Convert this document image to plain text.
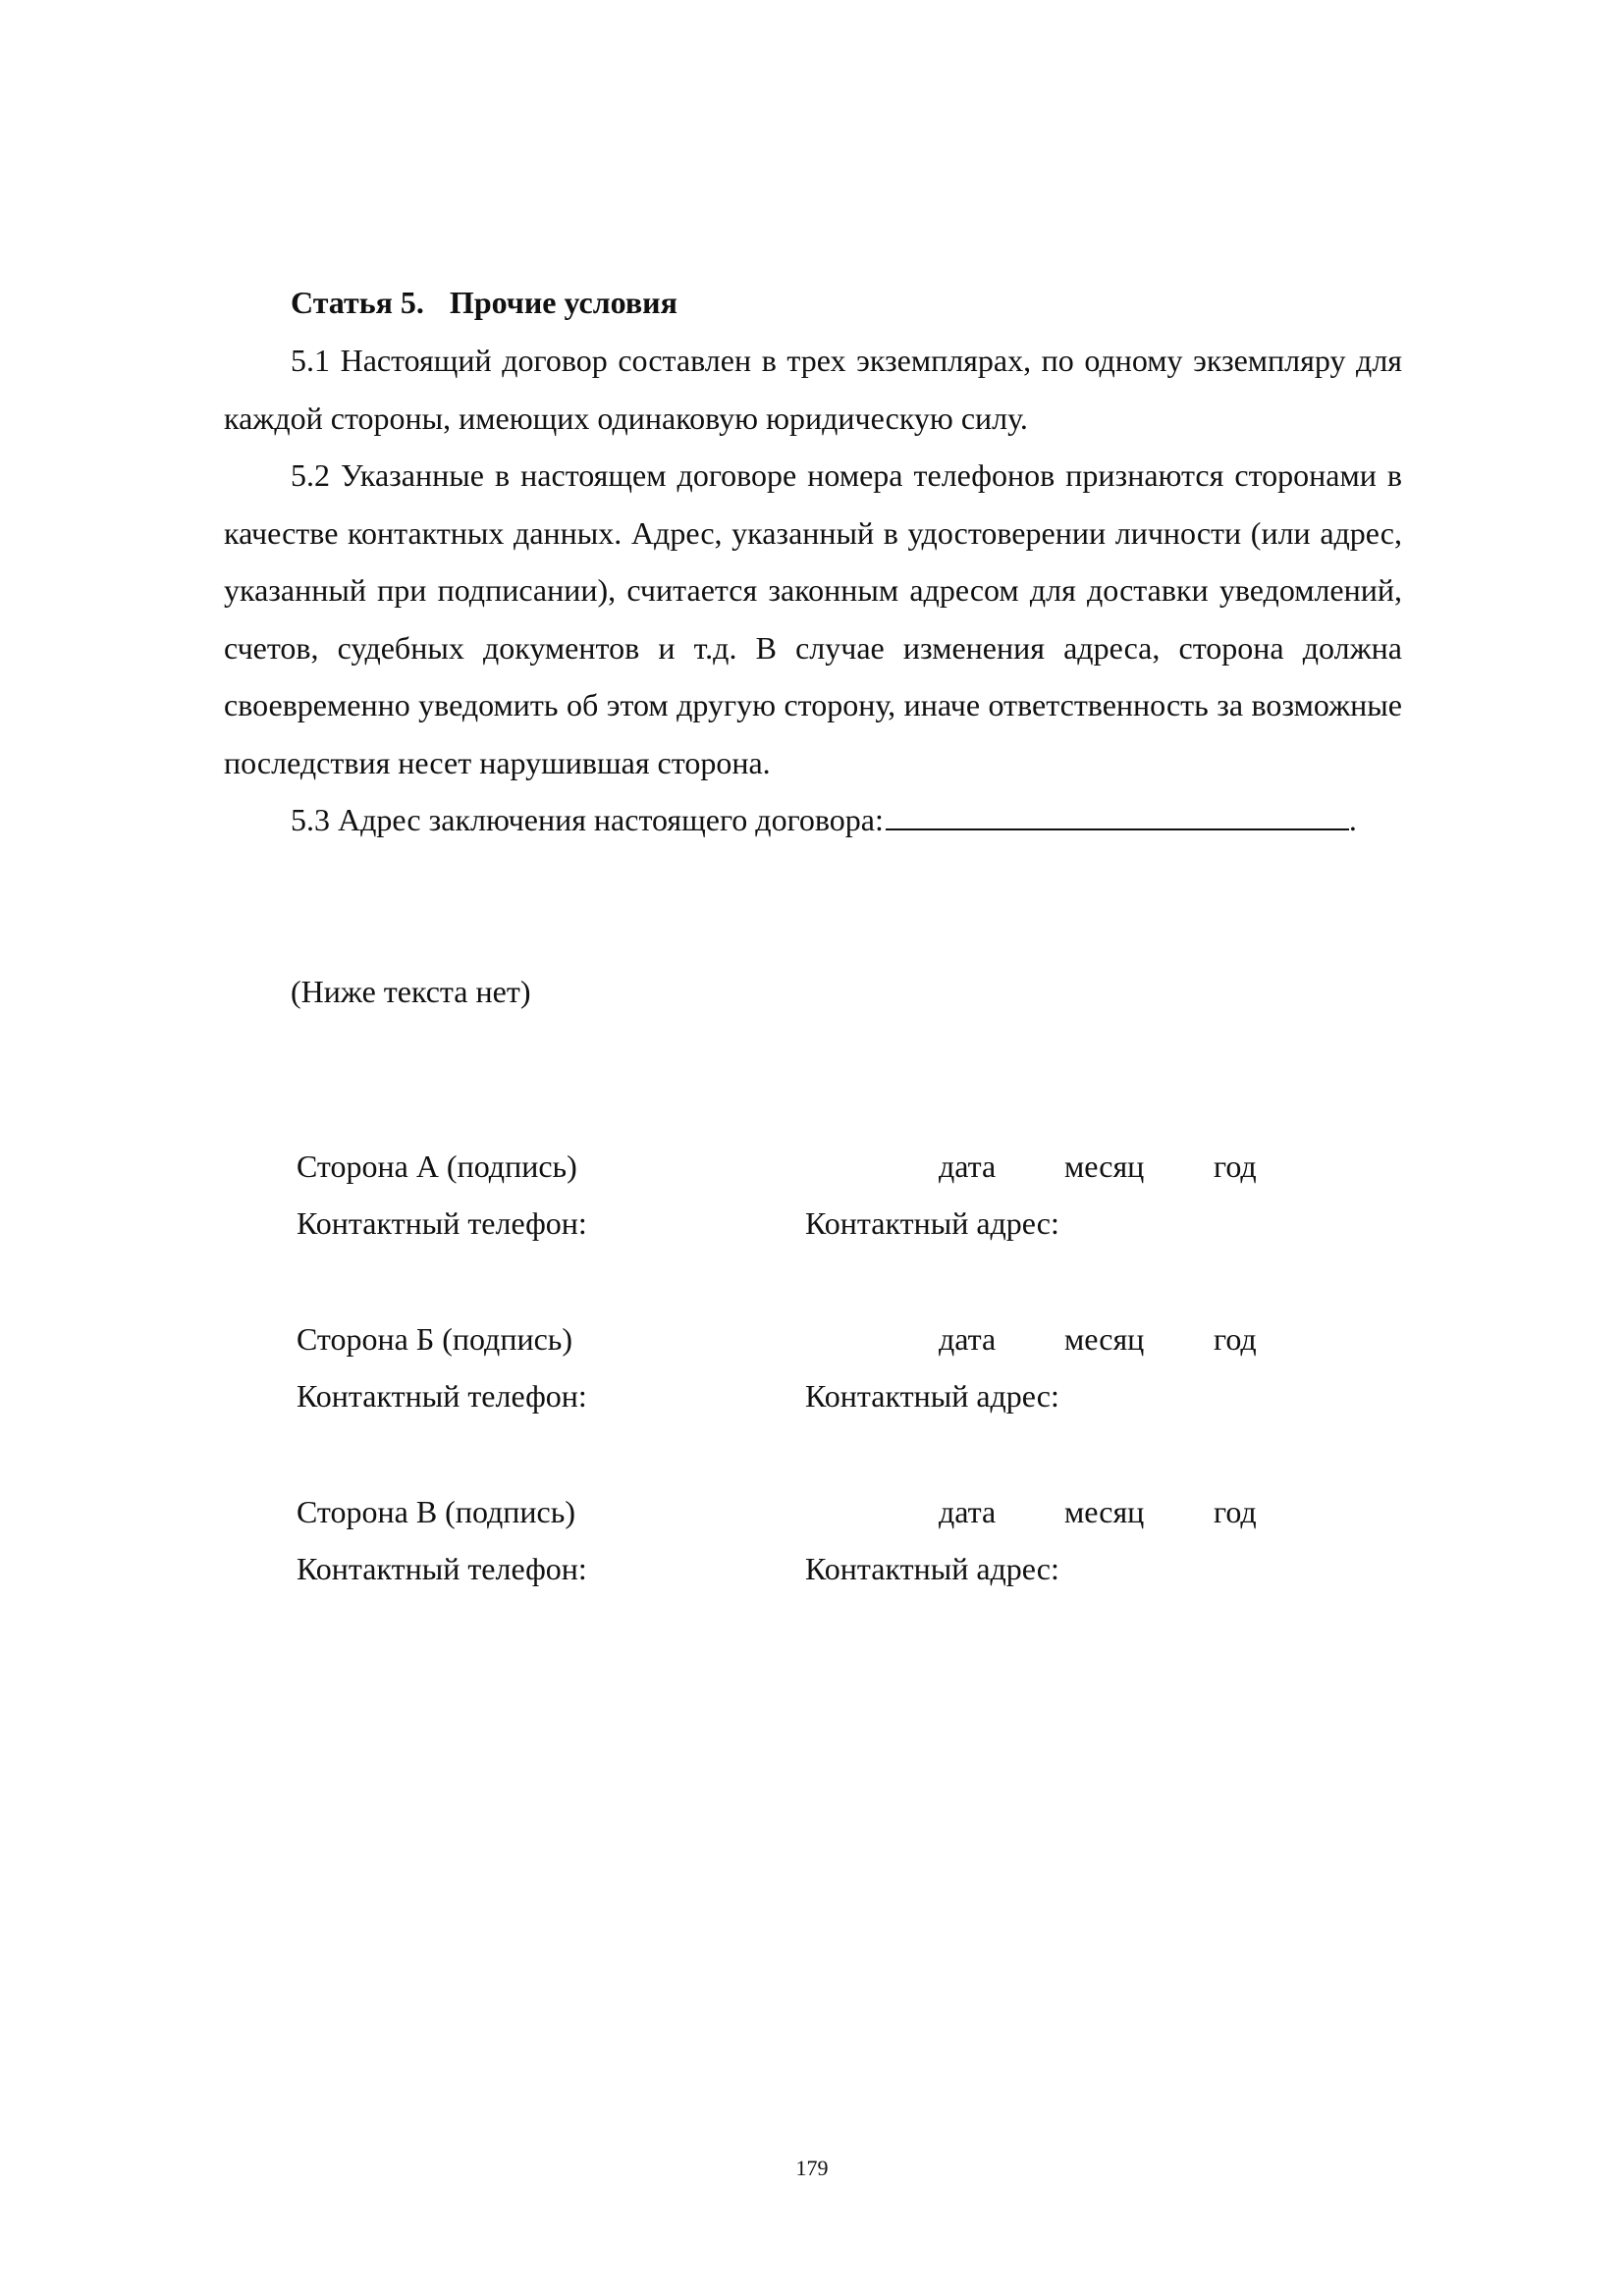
Статья 5. Прочие условия

5.1 Настоящий договор составлен в трех экземплярах, по одному экземпляру для каждой стороны, имеющих одинаковую юридическую силу.

5.2 Указанные в настоящем договоре номера телефонов признаются сторонами в качестве контактных данных. Адрес, указанный в удостоверении личности (или адрес, указанный при подписании), считается законным адресом для доставки уведомлений, счетов, судебных документов и т.д. В случае изменения адреса, сторона должна своевременно уведомить об этом другую сторону, иначе ответственность за возможные последствия несет нарушившая сторона.

5.3 Адрес заключения настоящего договора:	.
(Ниже текста нет)
Сторона А (подпись)	дата месяц год
Контактный телефон:	Контактный адрес:
Сторона Б (подпись)	дата месяц год
Контактный телефон:	Контактный адрес:
Сторона В (подпись)	дата месяц год
Контактный телефон:	Контактный адрес:
179
